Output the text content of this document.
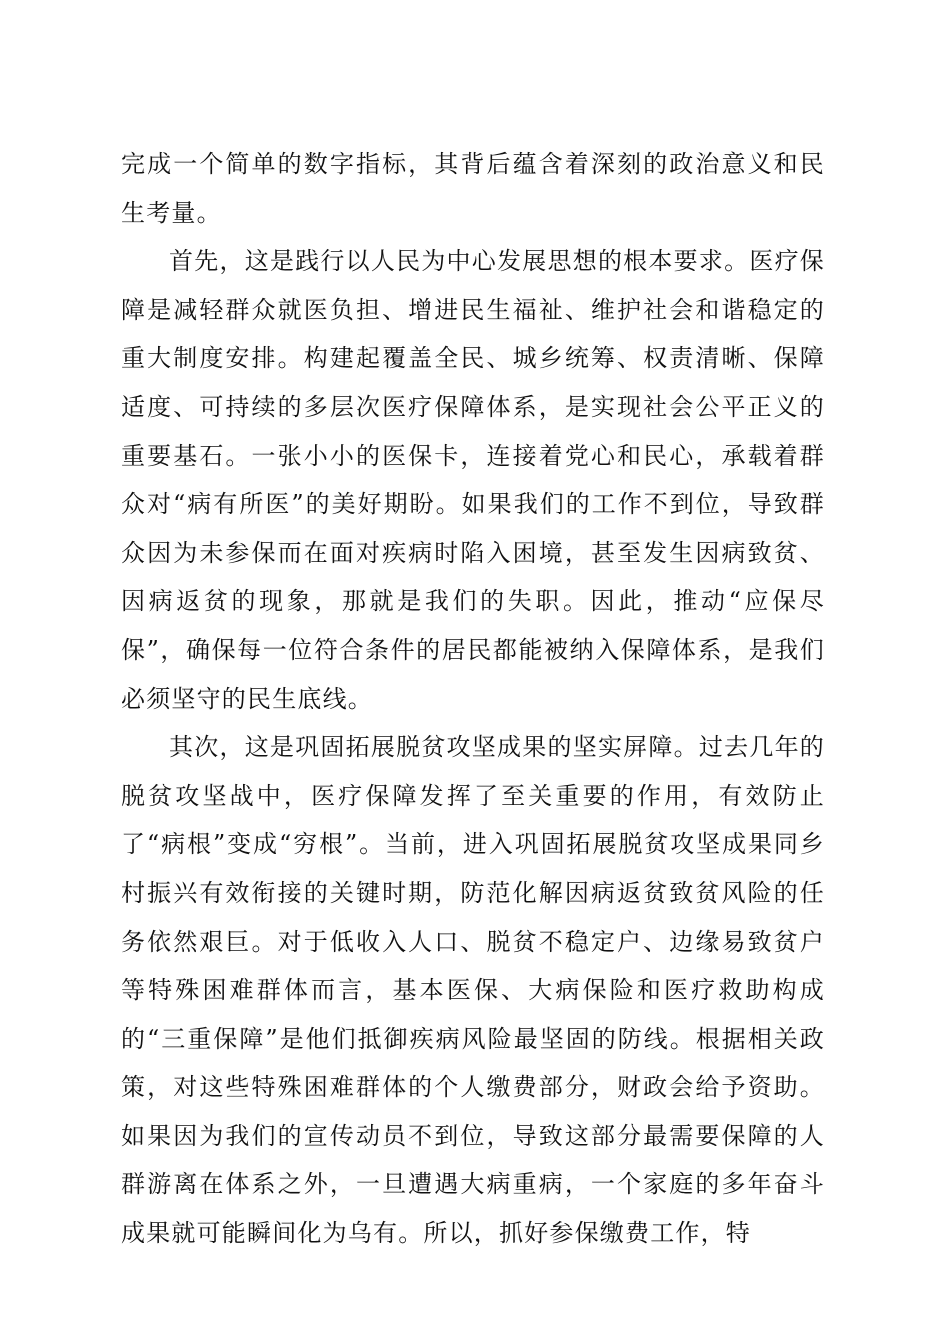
完成一个简单的数字指标，其背后蕴含着深刻的政治意义和民生考量。

首先，这是践行以人民为中心发展思想的根本要求。医疗保障是减轻群众就医负担、增进民生福祉、维护社会和谐稳定的重大制度安排。构建起覆盖全民、城乡统筹、权责清晰、保障适度、可持续的多层次医疗保障体系，是实现社会公平正义的重要基石。一张小小的医保卡，连接着党心和民心，承载着群众对“病有所医”的美好期盼。如果我们的工作不到位，导致群众因为未参保而在面对疾病时陷入困境，甚至发生因病致贫、因病返贫的现象，那就是我们的失职。因此，推动“应保尽保”，确保每一位符合条件的居民都能被纳入保障体系，是我们必须坚守的民生底线。

其次，这是巩固拓展脱贫攻坚成果的坚实屏障。过去几年的脱贫攻坚战中，医疗保障发挥了至关重要的作用，有效防止了“病根”变成“穷根”。当前，进入巩固拓展脱贫攻坚成果同乡村振兴有效衔接的关键时期，防范化解因病返贫致贫风险的任务依然艰巨。对于低收入人口、脱贫不稳定户、边缘易致贫户等特殊困难群体而言，基本医保、大病保险和医疗救助构成的“三重保障”是他们抵御疾病风险最坚固的防线。根据相关政策，对这些特殊困难群体的个人缴费部分，财政会给予资助。如果因为我们的宣传动员不到位，导致这部分最需要保障的人群游离在体系之外，一旦遭遇大病重病，一个家庭的多年奋斗成果就可能瞬间化为乌有。所以，抓好参保缴费工作，特
